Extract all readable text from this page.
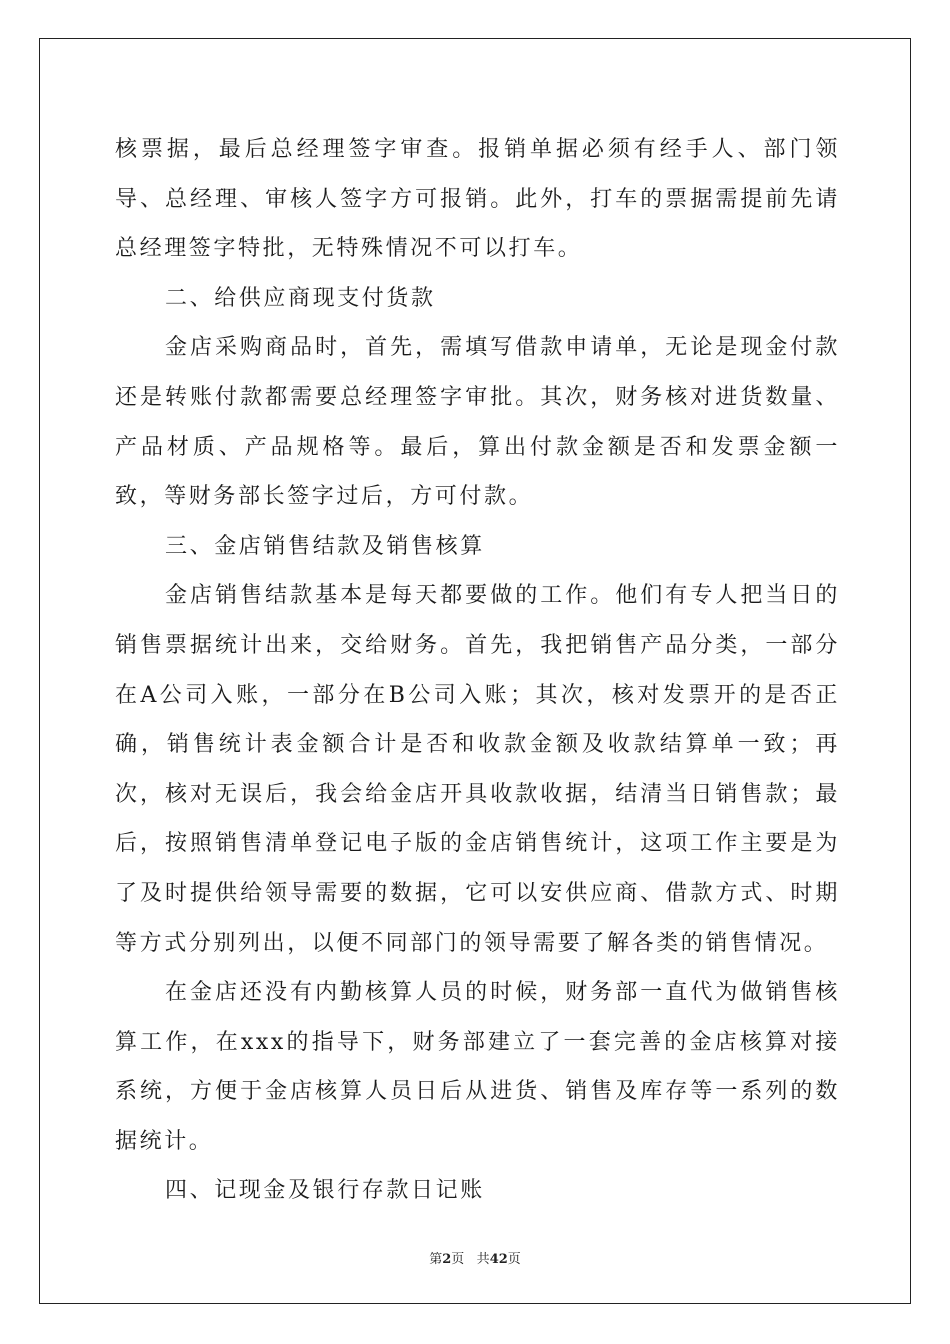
核票据，最后总经理签字审查。报销单据必须有经手人、部门领导、总经理、审核人签字方可报销。此外，打车的票据需提前先请总经理签字特批，无特殊情况不可以打车。

二、给供应商现支付货款

金店采购商品时，首先，需填写借款申请单，无论是现金付款还是转账付款都需要总经理签字审批。其次，财务核对进货数量、产品材质、产品规格等。最后，算出付款金额是否和发票金额一致，等财务部长签字过后，方可付款。

三、金店销售结款及销售核算

金店销售结款基本是每天都要做的工作。他们有专人把当日的销售票据统计出来，交给财务。首先，我把销售产品分类，一部分在A公司入账，一部分在B公司入账；其次，核对发票开的是否正确，销售统计表金额合计是否和收款金额及收款结算单一致；再次，核对无误后，我会给金店开具收款收据，结清当日销售款；最后，按照销售清单登记电子版的金店销售统计，这项工作主要是为了及时提供给领导需要的数据，它可以安供应商、借款方式、时期等方式分别列出，以便不同部门的领导需要了解各类的销售情况。

在金店还没有内勤核算人员的时候，财务部一直代为做销售核算工作，在xxx的指导下，财务部建立了一套完善的金店核算对接系统，方便于金店核算人员日后从进货、销售及库存等一系列的数据统计。

四、记现金及银行存款日记账

第2页 共42页
